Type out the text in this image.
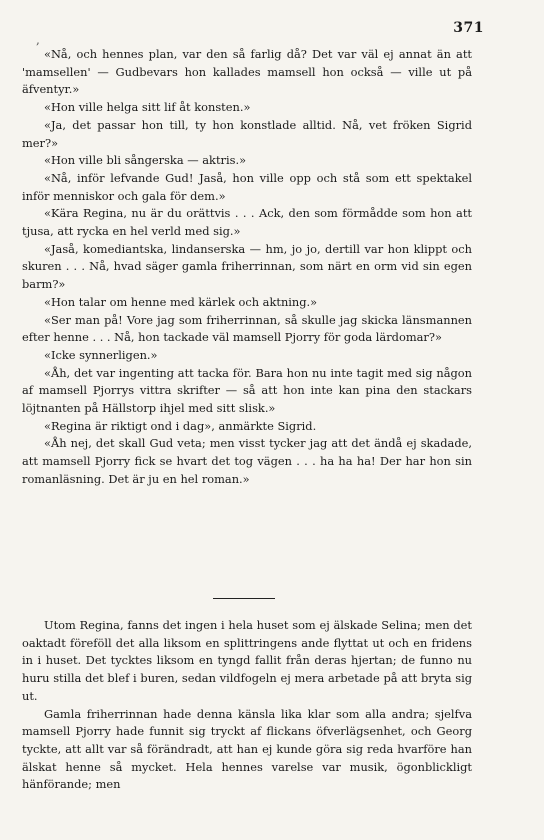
371
,

«Nå, och hennes plan, var den så farlig då? Det var väl ej annat än att 'mamsellen' — Gudbevars hon kallades mamsell hon också — ville ut på äfventyr.»

«Hon ville helga sitt lif åt konsten.»

«Ja, det passar hon till, ty hon konstlade alltid. Nå, vet fröken Sigrid mer?»

«Hon ville bli sångerska — aktris.»

«Nå, inför lefvande Gud! Jaså, hon ville opp och stå som ett spektakel inför menniskor och gala för dem.»

«Kära Regina, nu är du orättvis . . . Ack, den som förmådde som hon att tjusa, att rycka en hel verld med sig.»

«Jaså, komediantska, lindanserska — hm, jo jo, dertill var hon klippt och skuren . . . Nå, hvad säger gamla friherrinnan, som närt en orm vid sin egen barm?»

«Hon talar om henne med kärlek och aktning.»

«Ser man på! Vore jag som friherrinnan, så skulle jag skicka länsmannen efter henne . . . Nå, hon tackade väl mamsell Pjorry för goda lärdomar?»

«Icke synnerligen.»

«Åh, det var ingenting att tacka för. Bara hon nu inte tagit med sig någon af mamsell Pjorrys vittra skrifter — så att hon inte kan pina den stackars löjtnanten på Hällstorp ihjel med sitt slisk.»

«Regina är riktigt ond i dag», anmärkte Sigrid.

«Åh nej, det skall Gud veta; men visst tycker jag att det ändå ej skadade, att mamsell Pjorry fick se hvart det tog vägen . . . ha ha ha! Der har hon sin romanläsning. Det är ju en hel roman.»

Utom Regina, fanns det ingen i hela huset som ej älskade Selina; men det oaktadt föreföll det alla liksom en splittringens ande flyttat ut och en fridens in i huset. Det tycktes liksom en tyngd fallit från deras hjertan; de funno nu huru stilla det blef i buren, sedan vildfogeln ej mera arbetade på att bryta sig ut.

Gamla friherrinnan hade denna känsla lika klar som alla andra; sjelfva mamsell Pjorry hade funnit sig tryckt af flickans öfverlägsenhet, och Georg tyckte, att allt var så förändradt, att han ej kunde göra sig reda hvarföre han älskat henne så mycket. Hela hennes varelse var musik, ögonblickligt hänförande; men
